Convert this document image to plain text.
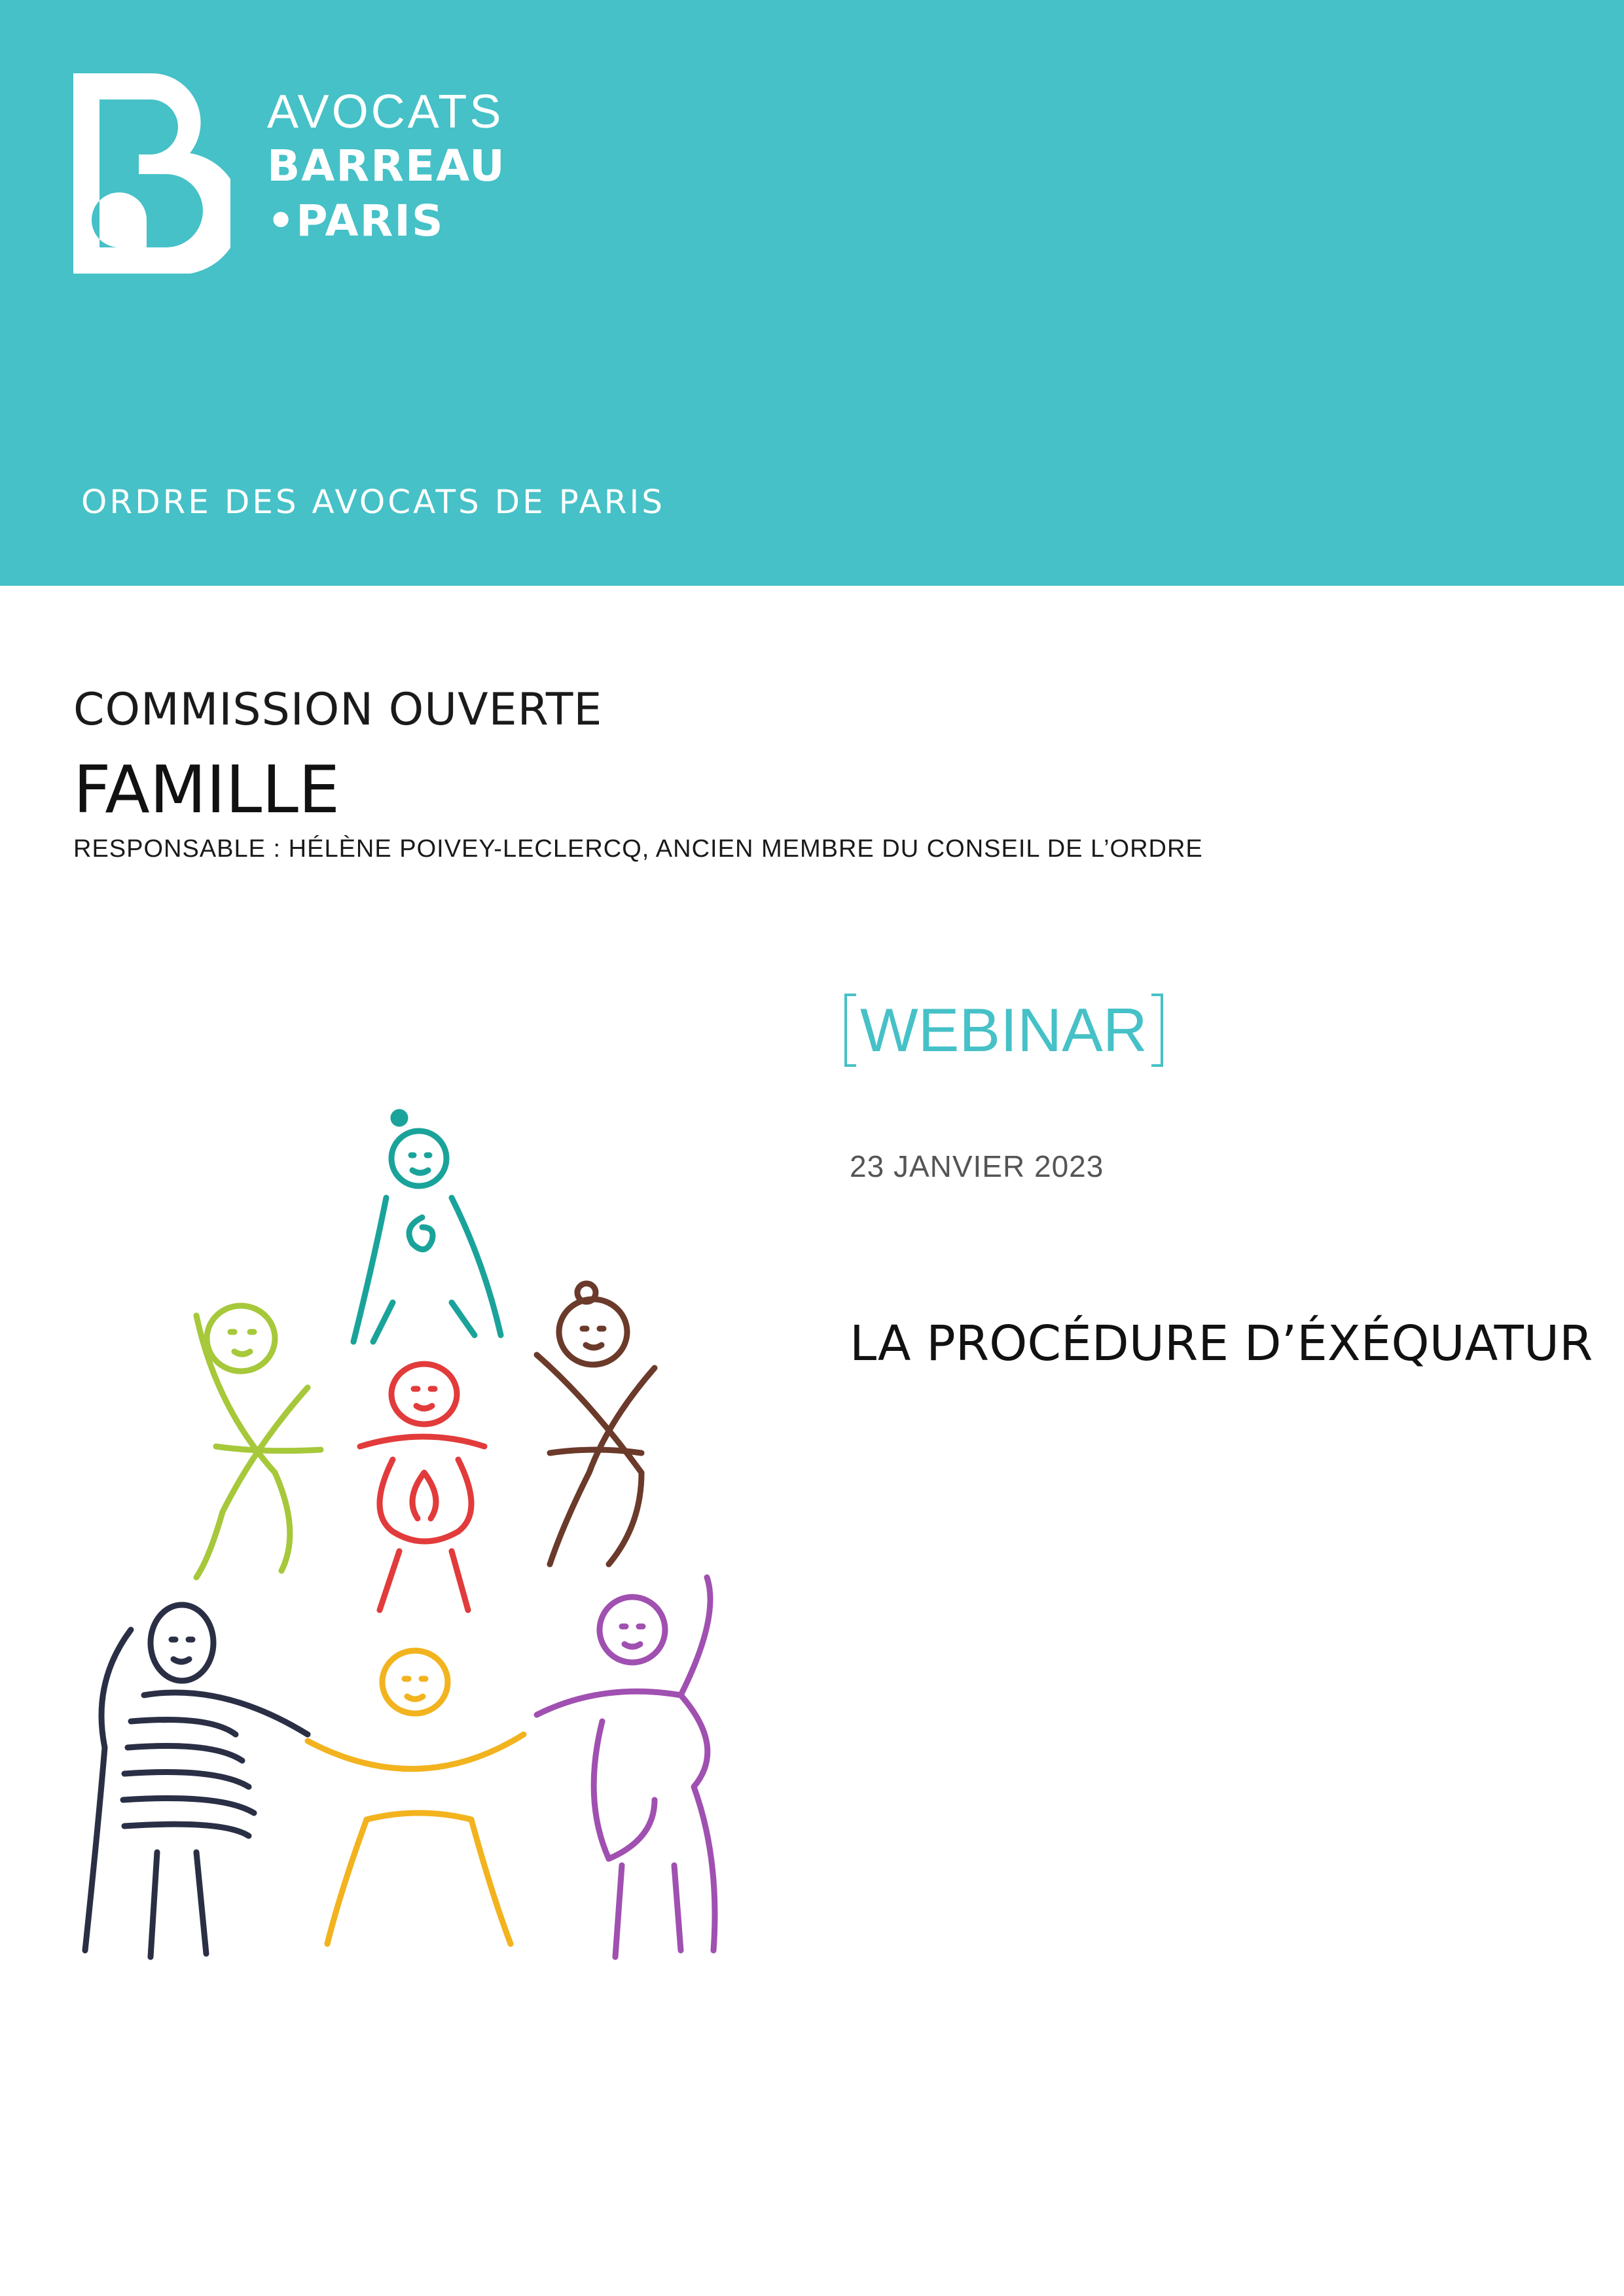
AVOCATS
BARREAU
•PARIS
ORDRE DES AVOCATS DE PARIS
COMMISSION OUVERTE
FAMILLE
RESPONSABLE : HÉLÈNE POIVEY-LECLERCQ, ANCIEN MEMBRE DU CONSEIL DE L’ORDRE
WEBINAR
23 JANVIER 2023
LA PROCÉDURE D’ÉXÉQUATUR
